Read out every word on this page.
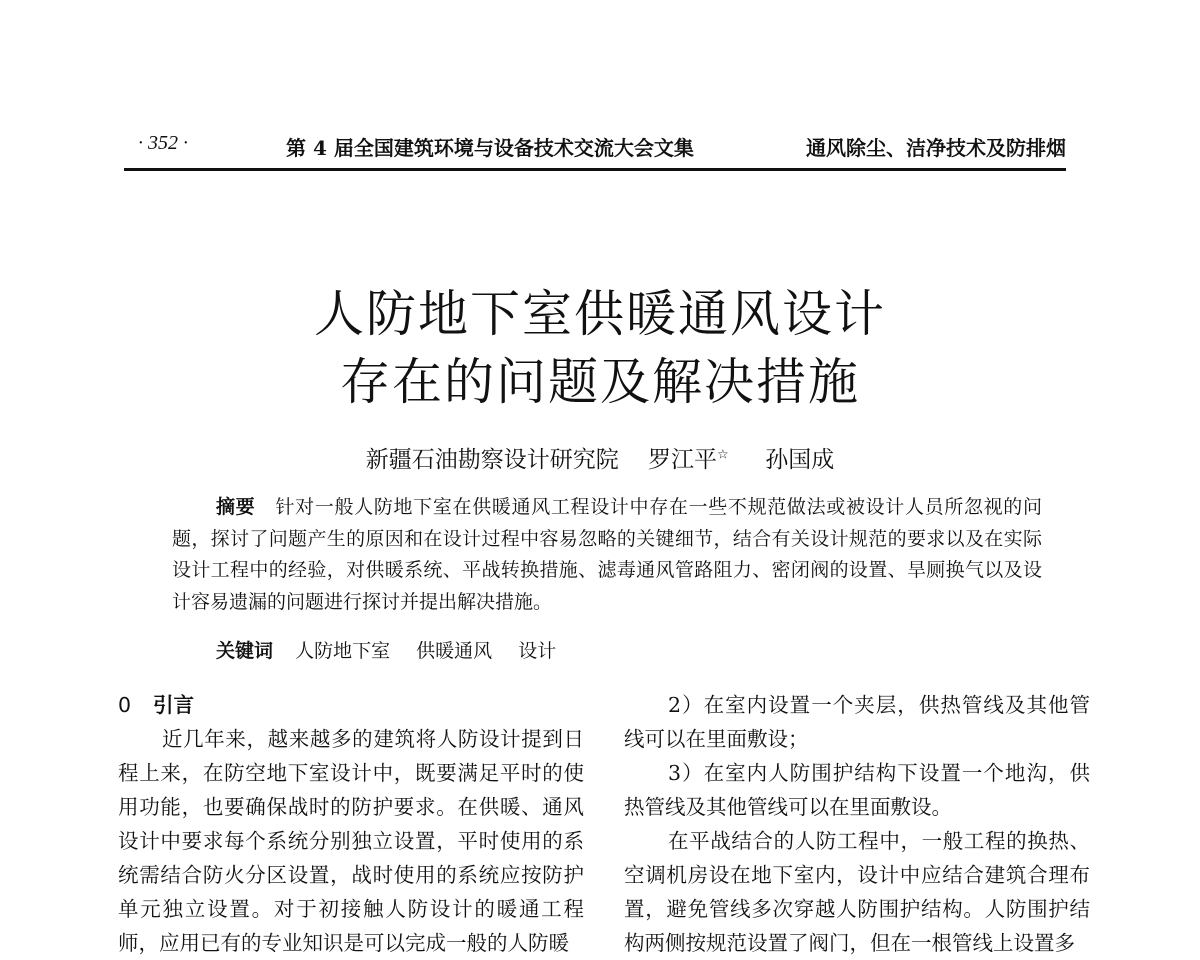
· 352 ·	第 4 届全国建筑环境与设备技术交流大会文集	通风除尘、洁净技术及防排烟
人防地下室供暖通风设计
存在的问题及解决措施
新疆石油勘察设计研究院 罗江平☆ 孙国成

摘要 针对一般人防地下室在供暖通风工程设计中存在一些不规范做法或被设计人员所忽视的问题，探讨了问题产生的原因和在设计过程中容易忽略的关键细节，结合有关设计规范的要求以及在实际设计工程中的经验，对供暖系统、平战转换措施、滤毒通风管路阻力、密闭阀的设置、旱厕换气以及设计容易遗漏的问题进行探讨并提出解决措施。

关键词 人防地下室 供暖通风 设计

0 引言

近几年来，越来越多的建筑将人防设计提到日程上来，在防空地下室设计中，既要满足平时的使用功能，也要确保战时的防护要求。在供暖、通风设计中要求每个系统分别独立设置，平时使用的系统需结合防火分区设置，战时使用的系统应按防护单元独立设置。对于初接触人防设计的暖通工程师，应用已有的专业知识是可以完成一般的人防暖

2）在室内设置一个夹层，供热管线及其他管线可以在里面敷设；

3）在室内人防围护结构下设置一个地沟，供热管线及其他管线可以在里面敷设。

在平战结合的人防工程中，一般工程的换热、空调机房设在地下室内，设计中应结合建筑合理布置，避免管线多次穿越人防围护结构。人防围护结构两侧按规范设置了阀门，但在一根管线上设置多
